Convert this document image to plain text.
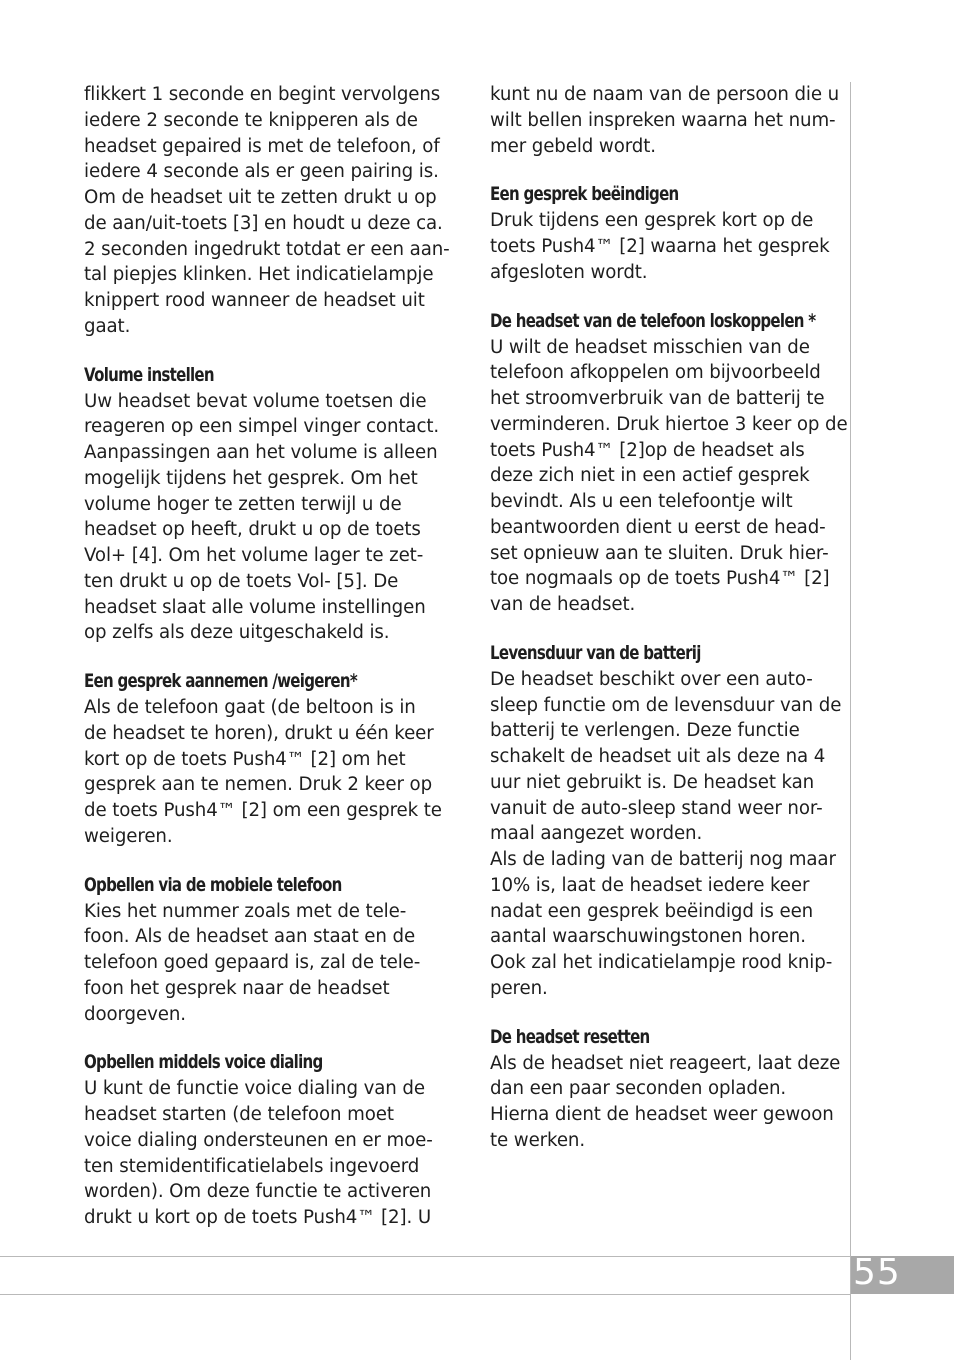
55

flikkert 1 seconde en begint vervolgens
iedere 2 seconde te knipperen als de
headset gepaired is met de telefoon, of
iedere 4 seconde als er geen pairing is.
Om de headset uit te zetten drukt u op
de aan/uit-toets [3] en houdt u deze ca.
2 seconden ingedrukt totdat er een aan-
tal piepjes klinken. Het indicatielampje
knippert rood wanneer de headset uit
gaat.

Volume instellen

Uw headset bevat volume toetsen die
reageren op een simpel vinger contact.
Aanpassingen aan het volume is alleen
mogelijk tijdens het gesprek. Om het
volume hoger te zetten terwijl u de
headset op heeft, drukt u op de toets
Vol+ [4]. Om het volume lager te zet-
ten drukt u op de toets Vol- [5]. De
headset slaat alle volume instellingen
op zelfs als deze uitgeschakeld is.

Een gesprek aannemen /weigeren*

Als de telefoon gaat (de beltoon is in
de headset te horen), drukt u één keer
kort op de toets Push4™ [2] om het
gesprek aan te nemen. Druk 2 keer op
de toets Push4™ [2] om een gesprek te
weigeren.

Opbellen via de mobiele telefoon

Kies het nummer zoals met de tele-
foon. Als de headset aan staat en de
telefoon goed gepaard is, zal de tele-
foon het gesprek naar de headset
doorgeven.

Opbellen middels voice dialing

U kunt de functie voice dialing van de
headset starten (de telefoon moet
voice dialing ondersteunen en er moe-
ten stemidentificatielabels ingevoerd
worden). Om deze functie te activeren
drukt u kort op de toets Push4™ [2]. U

kunt nu de naam van de persoon die u
wilt bellen inspreken waarna het num-
mer gebeld wordt.

Een gesprek beëindigen

Druk tijdens een gesprek kort op de
toets Push4™ [2] waarna het gesprek
afgesloten wordt.

De headset van de telefoon loskoppelen *

U wilt de headset misschien van de
telefoon afkoppelen om bijvoorbeeld
het stroomverbruik van de batterij te
verminderen. Druk hiertoe 3 keer op de
toets Push4™ [2]op de headset als
deze zich niet in een actief gesprek
bevindt. Als u een telefoontje wilt
beantwoorden dient u eerst de head-
set opnieuw aan te sluiten. Druk hier-
toe nogmaals op de toets Push4™ [2]
van de headset.

Levensduur van de batterij

De headset beschikt over een auto-
sleep functie om de levensduur van de
batterij te verlengen. Deze functie
schakelt de headset uit als deze na 4
uur niet gebruikt is. De headset kan
vanuit de auto-sleep stand weer nor-
maal aangezet worden.
Als de lading van de batterij nog maar
10% is, laat de headset iedere keer
nadat een gesprek beëindigd is een
aantal waarschuwingstonen horen.
Ook zal het indicatielampje rood knip-
peren.

De headset resetten

Als de headset niet reageert, laat deze
dan een paar seconden opladen.
Hierna dient de headset weer gewoon
te werken.
